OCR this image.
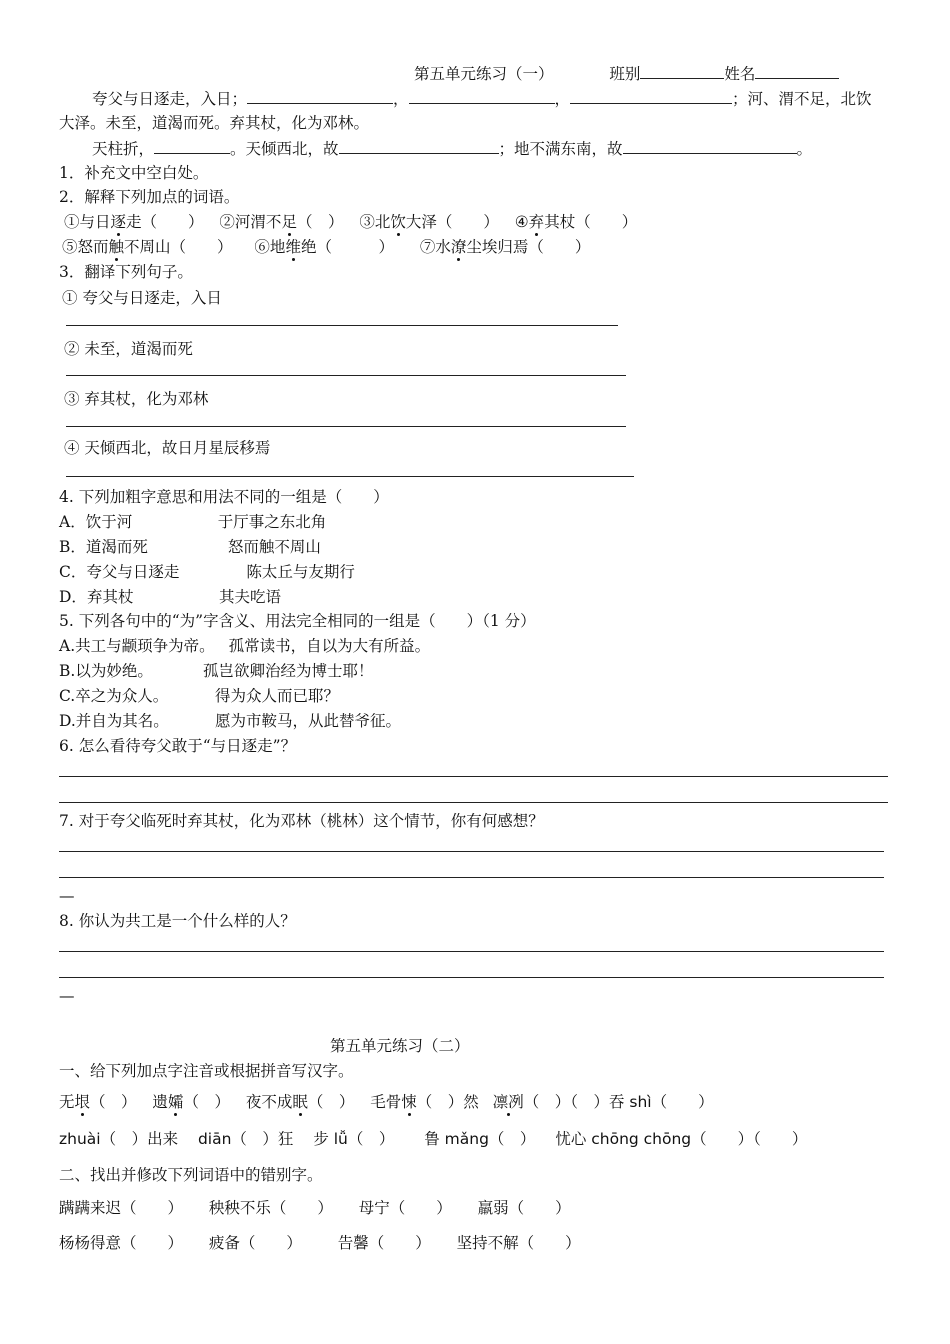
第五单元练习（一）	班别	姓名
夸父与日逐走，入日；	，	，	；河、渭不足，北饮
大泽。未至，道渴而死。弃其杖，化为邓林。
天柱折，	。天倾西北，故	；地不满东南，故	。
1．补充文中空白处。
2．解释下列加点的词语。
①与日逐走（　　） ②河渭不足（　） ③北饮大泽（　　） ④弃其杖（　　）
⑤怒而触不周山（　　） ⑥地维绝（　　　） ⑦水潦尘埃归焉（　　）
3．翻译下列句子。
① 夸父与日逐走，入日
② 未至，道渴而死
③ 弃其杖，化为邓林
④ 天倾西北，故日月星辰移焉
4. 下列加粗字意思和用法不同的一组是（　　）
A．饮于河	于厅事之东北角
B．道渴而死	怒而触不周山
C．夸父与日逐走	陈太丘与友期行
D．弃其杖	其夫吃语
5. 下列各句中的“为”字含义、用法完全相同的一组是（　　）（1 分）
A.共工与颛顼争为帝。 孤常读书，自以为大有所益。
B.以为妙绝。	孤岂欲卿治经为博士耶！
C.卒之为众人。	得为众人而已耶？
D.并自为其名。	愿为市鞍马，从此替爷征。
6. 怎么看待夸父敢于“与日逐走”？
7. 对于夸父临死时弃其杖，化为邓林（桃林）这个情节，你有何感想？
—
8. 你认为共工是一个什么样的人？
—
第五单元练习（二）
一、给下列加点字注音或根据拼音写汉字。
无垠（　） 遗孀（　） 夜不成眠（　） 毛骨悚（　）然 凛冽（　）（　）吞 shì（　　）
zhuài（　）出来 diān（　）狂 步 lǚ（　） 鲁 mǎng（　） 忧心 chōng chōng（　　）（　　）
二、找出并修改下列词语中的错别字。
蹒蹒来迟（　　） 秧秧不乐（　　） 母宁（　　） 羸弱（　　）
杨杨得意（　　） 疲备（　　） 告馨（　　） 坚持不解（　　）
